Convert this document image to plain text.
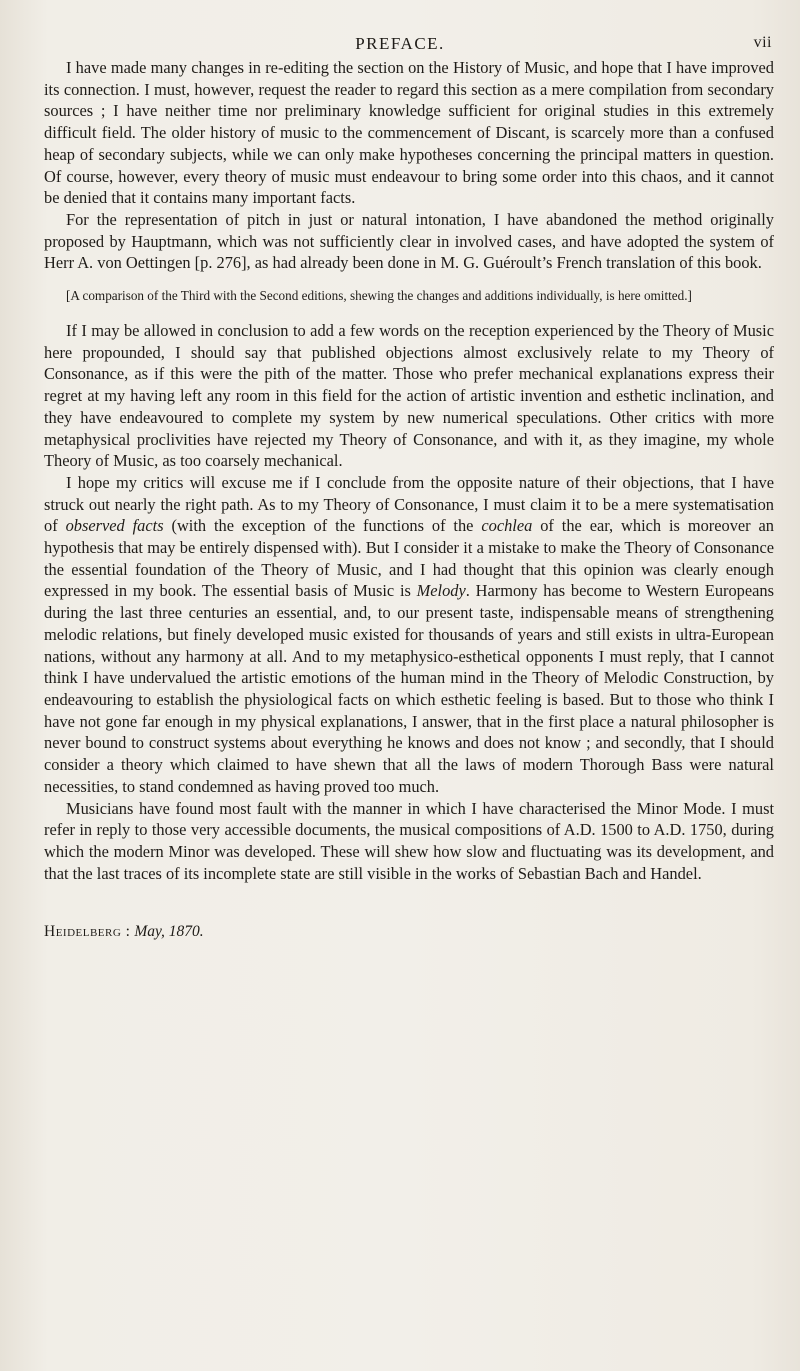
PREFACE.	vii

I have made many changes in re-editing the section on the History of Music, and hope that I have improved its connection. I must, however, request the reader to regard this section as a mere compilation from secondary sources ; I have neither time nor preliminary knowledge sufficient for original studies in this extremely difficult field. The older history of music to the commencement of Discant, is scarcely more than a confused heap of secondary subjects, while we can only make hypotheses concerning the principal matters in question. Of course, however, every theory of music must endeavour to bring some order into this chaos, and it cannot be denied that it contains many important facts.

For the representation of pitch in just or natural intonation, I have abandoned the method originally proposed by Hauptmann, which was not sufficiently clear in involved cases, and have adopted the system of Herr A. von Oettingen [p. 276], as had already been done in M. G. Guéroult’s French translation of this book.

[A comparison of the Third with the Second editions, shewing the changes and additions individually, is here omitted.]

If I may be allowed in conclusion to add a few words on the reception experienced by the Theory of Music here propounded, I should say that published objections almost exclusively relate to my Theory of Consonance, as if this were the pith of the matter. Those who prefer mechanical explanations express their regret at my having left any room in this field for the action of artistic invention and esthetic inclination, and they have endeavoured to complete my system by new numerical speculations. Other critics with more metaphysical proclivities have rejected my Theory of Consonance, and with it, as they imagine, my whole Theory of Music, as too coarsely mechanical.

I hope my critics will excuse me if I conclude from the opposite nature of their objections, that I have struck out nearly the right path. As to my Theory of Consonance, I must claim it to be a mere systematisation of observed facts (with the exception of the functions of the cochlea of the ear, which is moreover an hypothesis that may be entirely dispensed with). But I consider it a mistake to make the Theory of Consonance the essential foundation of the Theory of Music, and I had thought that this opinion was clearly enough expressed in my book. The essential basis of Music is Melody. Harmony has become to Western Europeans during the last three centuries an essential, and, to our present taste, indispensable means of strengthening melodic relations, but finely developed music existed for thousands of years and still exists in ultra-European nations, without any harmony at all. And to my metaphysico-esthetical opponents I must reply, that I cannot think I have undervalued the artistic emotions of the human mind in the Theory of Melodic Construction, by endeavouring to establish the physiological facts on which esthetic feeling is based. But to those who think I have not gone far enough in my physical explanations, I answer, that in the first place a natural philosopher is never bound to construct systems about everything he knows and does not know ; and secondly, that I should consider a theory which claimed to have shewn that all the laws of modern Thorough Bass were natural necessities, to stand condemned as having proved too much.

Musicians have found most fault with the manner in which I have characterised the Minor Mode. I must refer in reply to those very accessible documents, the musical compositions of A.D. 1500 to A.D. 1750, during which the modern Minor was developed. These will shew how slow and fluctuating was its development, and that the last traces of its incomplete state are still visible in the works of Sebastian Bach and Handel.

Heidelberg : May, 1870.
